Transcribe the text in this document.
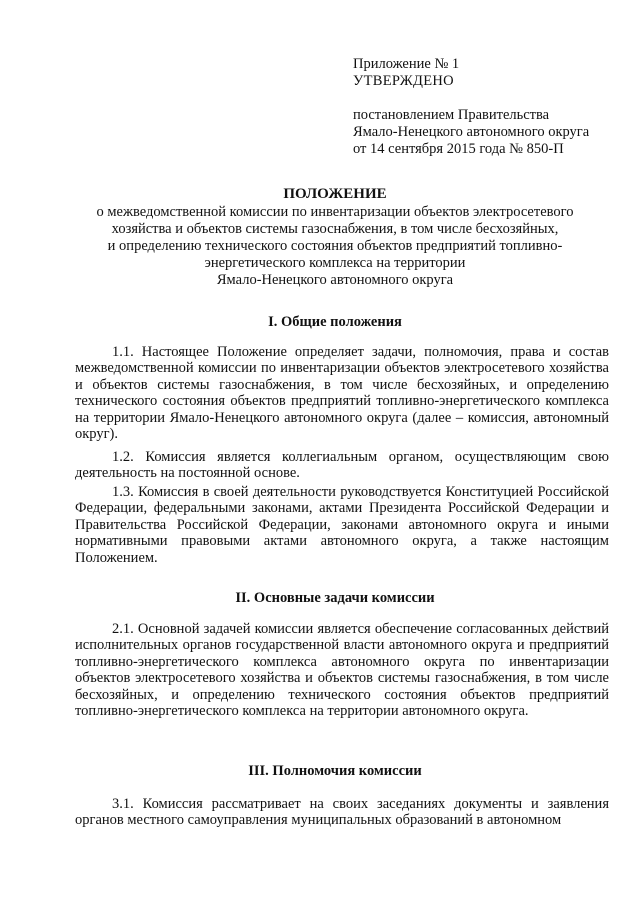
Приложение № 1
УТВЕРЖДЕНО
постановлением Правительства
Ямало-Ненецкого автономного округа
от 14 сентября 2015 года № 850-П
ПОЛОЖЕНИЕ
о межведомственной комиссии по инвентаризации объектов электросетевого
хозяйства и объектов системы газоснабжения, в том числе бесхозяйных,
и определению технического состояния объектов предприятий топливно-
энергетического комплекса на территории
Ямало-Ненецкого автономного округа
I. Общие положения
1.1. Настоящее Положение определяет задачи, полномочия, права и состав межведомственной комиссии по инвентаризации объектов электросетевого хозяйства и объектов системы газоснабжения, в том числе бесхозяйных, и определению технического состояния объектов предприятий топливно-энергетического комплекса на территории Ямало-Ненецкого автономного округа (далее – комиссия, автономный округ).
1.2. Комиссия является коллегиальным органом, осуществляющим свою деятельность на постоянной основе.
1.3. Комиссия в своей деятельности руководствуется Конституцией Российской Федерации, федеральными законами, актами Президента Российской Федерации и Правительства Российской Федерации, законами автономного округа и иными нормативными правовыми актами автономного округа, а также настоящим Положением.
II. Основные задачи комиссии
2.1. Основной задачей комиссии является обеспечение согласованных действий исполнительных органов государственной власти автономного округа и предприятий топливно-энергетического комплекса автономного округа по инвентаризации объектов электросетевого хозяйства и объектов системы газоснабжения, в том числе бесхозяйных, и определению технического состояния объектов предприятий топливно-энергетического комплекса на территории автономного округа.
III. Полномочия комиссии
3.1. Комиссия рассматривает на своих заседаниях документы и заявления органов местного самоуправления муниципальных образований в автономном
